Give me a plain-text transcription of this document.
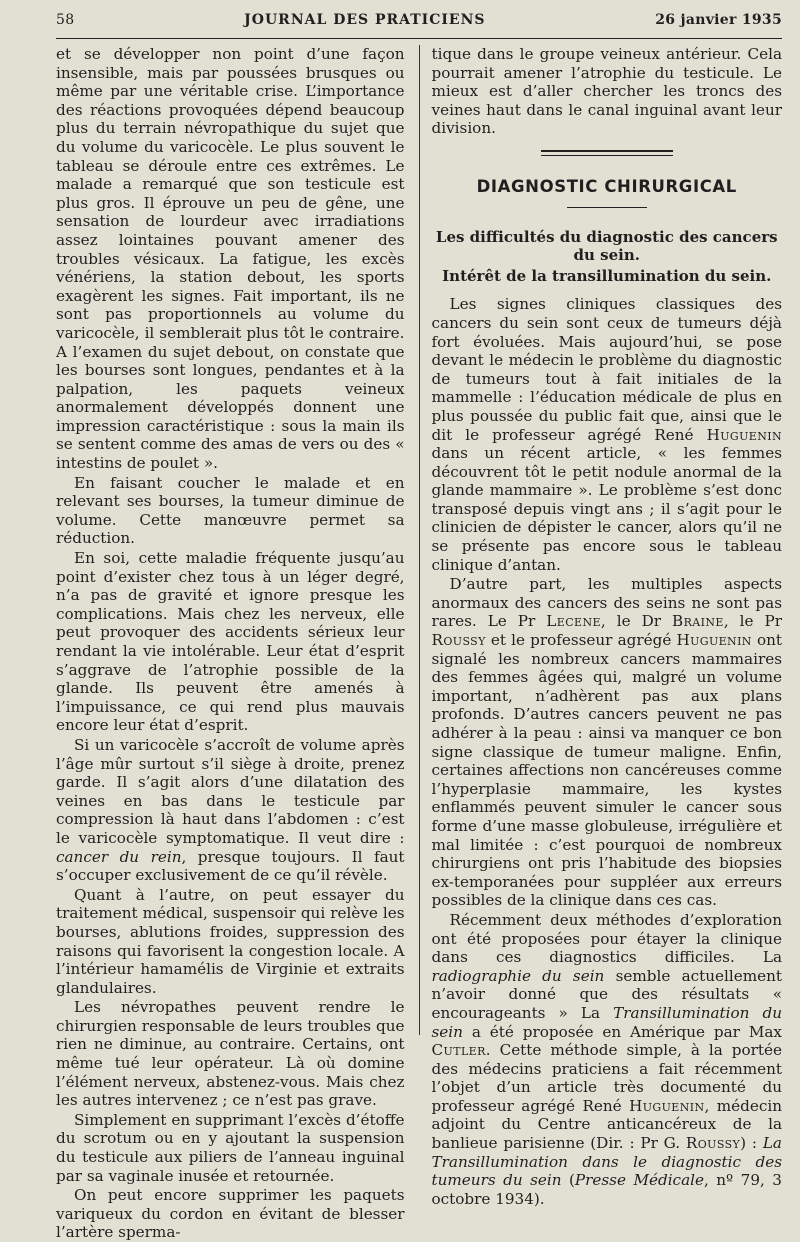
58	JOURNAL DES PRATICIENS	26 janvier 1935

et se développer non point d’une façon insensible, mais par poussées brusques ou même par une véritable crise. L’importance des réactions provoquées dépend beaucoup plus du terrain névropathique du sujet que du volume du varicocèle. Le plus souvent le tableau se déroule entre ces extrêmes. Le malade a remarqué que son testicule est plus gros. Il éprouve un peu de gêne, une sensation de lourdeur avec irradiations assez lointaines pouvant amener des troubles vésicaux. La fatigue, les excès vénériens, la station debout, les sports exagèrent les signes. Fait important, ils ne sont pas proportionnels au volume du varicocèle, il semblerait plus tôt le contraire. A l’examen du sujet debout, on constate que les bourses sont longues, pendantes et à la palpation, les paquets veineux anormalement développés donnent une impression caractéristique : sous la main ils se sentent comme des amas de vers ou des « intestins de poulet ».

En faisant coucher le malade et en relevant ses bourses, la tumeur diminue de volume. Cette manœuvre permet sa réduction.

En soi, cette maladie fréquente jusqu’au point d’exister chez tous à un léger degré, n’a pas de gravité et ignore presque les complications. Mais chez les nerveux, elle peut provoquer des accidents sérieux leur rendant la vie intolérable. Leur état d’esprit s’aggrave de l’atrophie possible de la glande. Ils peuvent être amenés à l’impuissance, ce qui rend plus mauvais encore leur état d’esprit.

Si un varicocèle s’accroît de volume après l’âge mûr surtout s’il siège à droite, prenez garde. Il s’agit alors d’une dilatation des veines en bas dans le testicule par compression là haut dans l’abdomen : c’est le varicocèle symptomatique. Il veut dire : cancer du rein, presque toujours. Il faut s’occuper exclusivement de ce qu’il révèle.

Quant à l’autre, on peut essayer du traitement médical, suspensoir qui relève les bourses, ablutions froides, suppression des raisons qui favorisent la congestion locale. A l’intérieur hamamélis de Virginie et extraits glandulaires.

Les névropathes peuvent rendre le chirurgien responsable de leurs troubles que rien ne diminue, au contraire. Certains, ont même tué leur opérateur. Là où domine l’élément nerveux, abstenez-vous. Mais chez les autres intervenez ; ce n’est pas grave.

Simplement en supprimant l’excès d’étoffe du scrotum ou en y ajoutant la suspension du testicule aux piliers de l’anneau inguinal par sa vaginale inusée et retournée.

On peut encore supprimer les paquets variqueux du cordon en évitant de blesser l’artère sperma-

tique dans le groupe veineux antérieur. Cela pourrait amener l’atrophie du testicule. Le mieux est d’aller chercher les troncs des veines haut dans le canal inguinal avant leur division.

DIAGNOSTIC CHIRURGICAL
Les difficultés du diagnostic des cancers du sein.
Intérêt de la transillumination du sein.

Les signes cliniques classiques des cancers du sein sont ceux de tumeurs déjà fort évoluées. Mais aujourd’hui, se pose devant le médecin le problème du diagnostic de tumeurs tout à fait initiales de la mammelle : l’éducation médicale de plus en plus poussée du public fait que, ainsi que le dit le professeur agrégé René Huguenin dans un récent article, « les femmes découvrent tôt le petit nodule anormal de la glande mammaire ». Le problème s’est donc transposé depuis vingt ans ; il s’agit pour le clinicien de dépister le cancer, alors qu’il ne se présente pas encore sous le tableau clinique d’antan.

D’autre part, les multiples aspects anormaux des cancers des seins ne sont pas rares. Le Pr Lecene, le Dr Braine, le Pr Roussy et le professeur agrégé Huguenin ont signalé les nombreux cancers mammaires des femmes âgées qui, malgré un volume important, n’adhèrent pas aux plans profonds. D’autres cancers peuvent ne pas adhérer à la peau : ainsi va manquer ce bon signe classique de tumeur maligne. Enfin, certaines affections non cancéreuses comme l’hyperplasie mammaire, les kystes enflammés peuvent simuler le cancer sous forme d’une masse globuleuse, irrégulière et mal limitée : c’est pourquoi de nombreux chirurgiens ont pris l’habitude des biopsies ex-temporanées pour suppléer aux erreurs possibles de la clinique dans ces cas.

Récemment deux méthodes d’exploration ont été proposées pour étayer la clinique dans ces diagnostics difficiles. La radiographie du sein semble actuellement n’avoir donné que des résultats « encourageants » La Transillumination du sein a été proposée en Amérique par Max Cutler. Cette méthode simple, à la portée des médecins praticiens a fait récemment l’objet d’un article très documenté du professeur agrégé René Huguenin, médecin adjoint du Centre anticancéreux de la banlieue parisienne (Dir. : Pr G. Roussy) : La Transillumination dans le diagnostic des tumeurs du sein (Presse Médicale, nº 79, 3 octobre 1934).
